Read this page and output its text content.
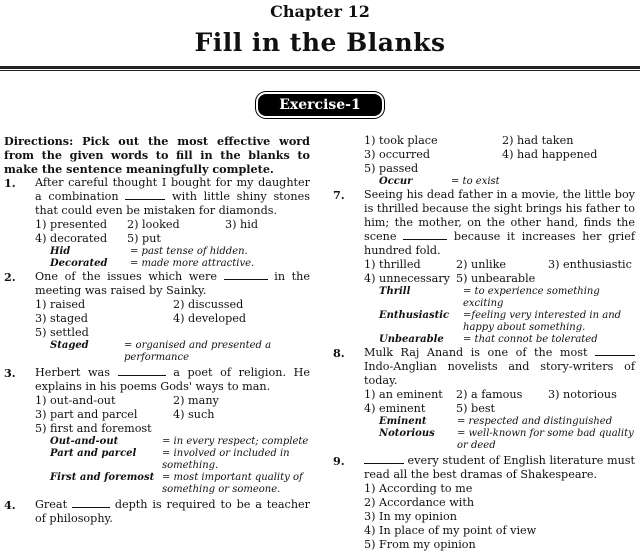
Chapter 12
Fill in the Blanks
Exercise-1
Directions: Pick out the most effective word from the given words to fill in the blanks to make the sentence meaningfully complete.
1. After careful thought I bought for my daughter a combination	with little shiny stones that could even be mistaken for diamonds.
1) presented	2) looked	3) hid
4) decorated	5) put
Hid	= past tense of hidden.
Decorated	= made more attractive.
2. One of the issues which were	in the meeting was raised by Sainky.
1) raised	2) discussed
3) staged	4) developed
5) settled
Staged	= organised and presented a performance
3. Herbert was	a poet of religion. He explains in his poems Gods' ways to man.
1) out-and-out	2) many
3) part and parcel	4) such
5) first and foremost
Out-and-out	= in every respect; complete
Part and parcel	= involved or included in something.
First and foremost = most important quality of something or someone.
4. Great	depth is required to be a teacher of philosophy.
1) took place	2) had taken
3) occurred	4) had happened
5) passed
Occur	= to exist
7. Seeing his dead father in a movie, the little boy is thrilled because the sight brings his father to him; the mother, on the other hand, finds the scene	because it increases her grief hundred fold.
1) thrilled	2) unlike	3) enthusiastic
4) unnecessary 5) unbearable
Thrill	= to experience something exciting
Enthusiastic	=feeling very interested in and happy about something.
Unbearable	= that connot be tolerated
8. Mulk Raj Anand is one of the most  Indo-Anglian novelists and story-writers of today.
1) an eminent	2) a famous	3) notorious
4) eminent	5) best
Eminent	= respected and distinguished
Notorious	= well-known for some bad quality or deed
9.	every student of English literature must read all the best dramas of Shakespeare.
1) According to me
2) Accordance with
3) In my opinion
4) In place of my point of view
5) From my opinion
